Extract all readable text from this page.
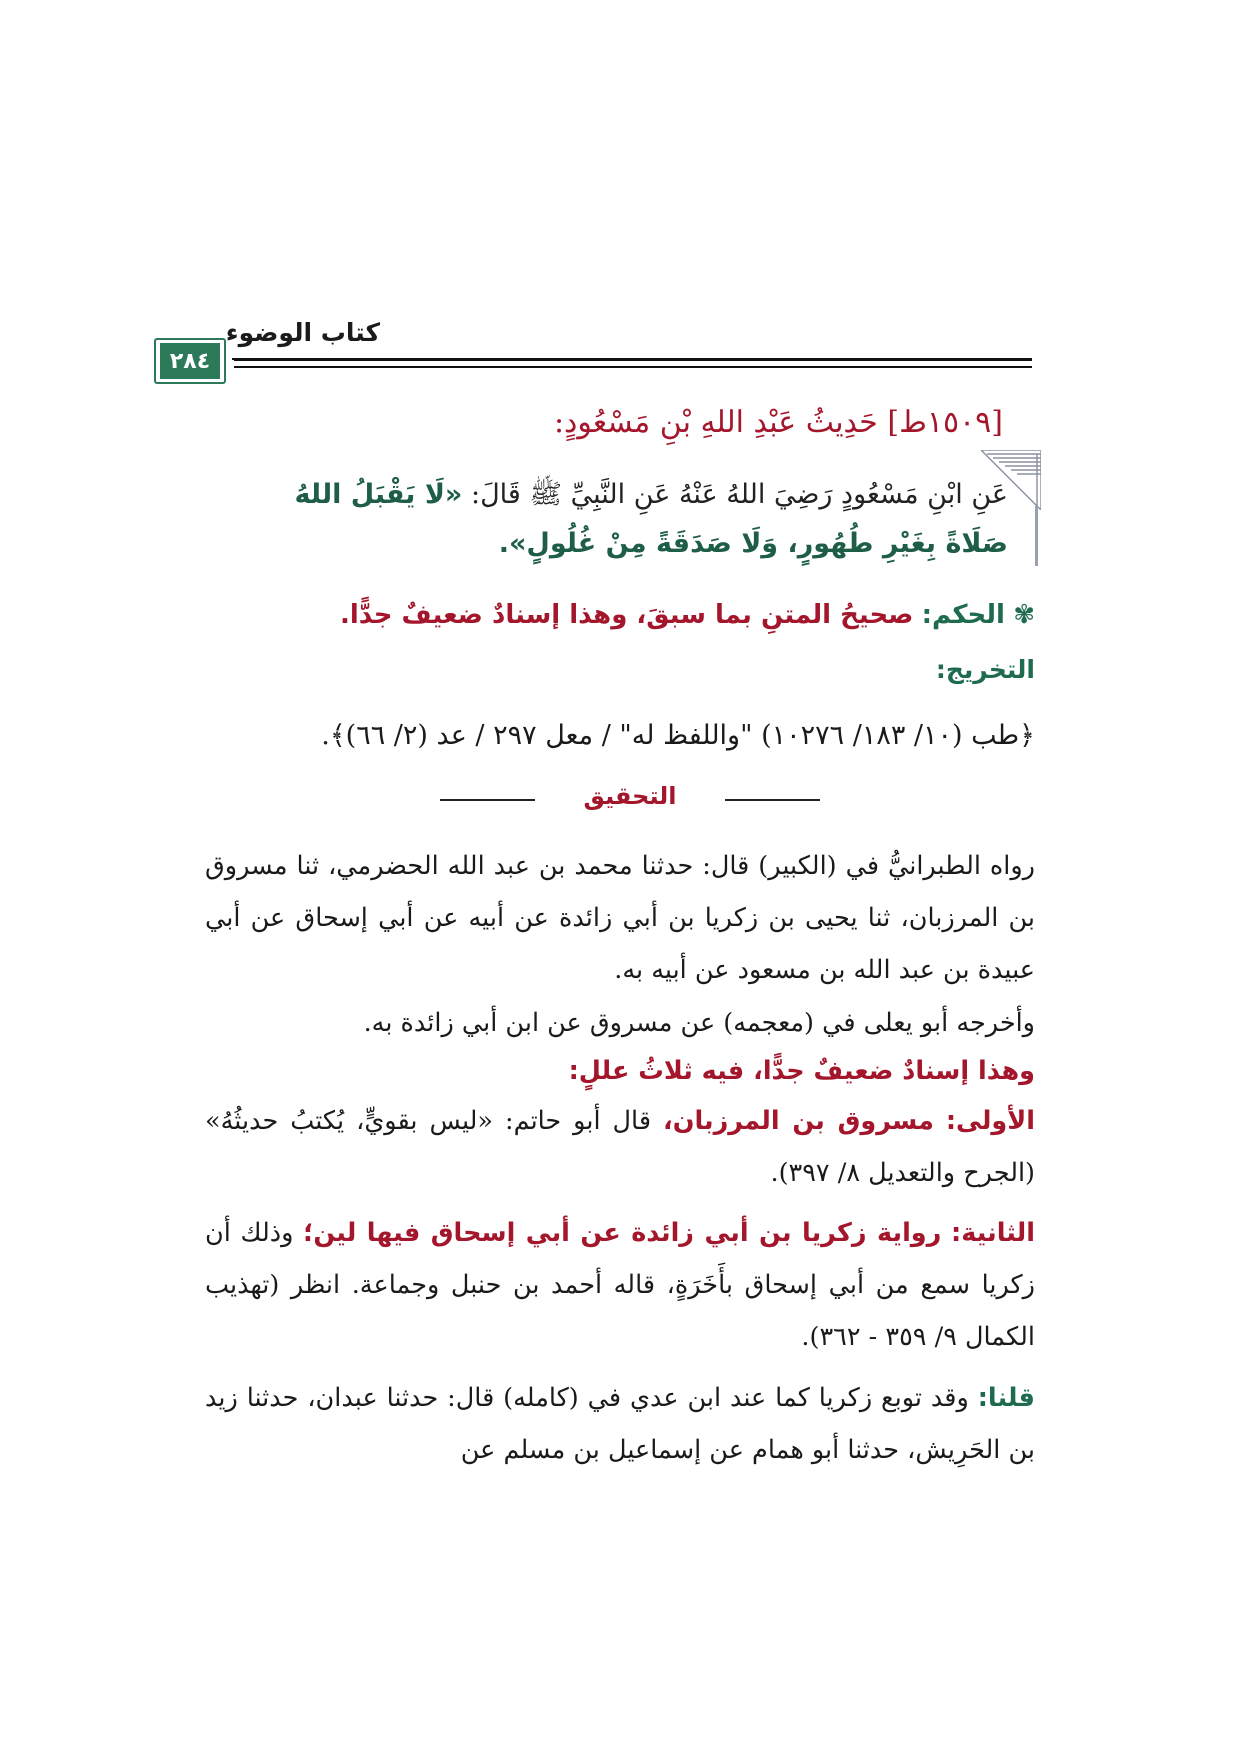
كتاب الوضوء
٢٨٤
[١٥٠٩ط] حَدِيثُ عَبْدِ اللهِ بْنِ مَسْعُودٍ:
عَنِ ابْنِ مَسْعُودٍ رَضِيَ اللهُ عَنْهُ عَنِ النَّبِيِّ ﷺ قَالَ: «لَا يَقْبَلُ اللهُ صَلَاةً بِغَيْرِ طُهُورٍ، وَلَا صَدَقَةً مِنْ غُلُولٍ».
✾ الحكم: صحيحُ المتنِ بما سبقَ، وهذا إسنادٌ ضعيفٌ جدًّا.
التخريج:
﴿طب (١٠/ ١٨٣/ ١٠٢٧٦) "واللفظ له" / معل ٢٩٧ / عد (٢/ ٦٦)﴾.
التحقيق
رواه الطبرانيُّ في (الكبير) قال: حدثنا محمد بن عبد الله الحضرمي، ثنا مسروق بن المرزبان، ثنا يحيى بن زكريا بن أبي زائدة عن أبيه عن أبي إسحاق عن أبي عبيدة بن عبد الله بن مسعود عن أبيه به.
وأخرجه أبو يعلى في (معجمه) عن مسروق عن ابن أبي زائدة به.
وهذا إسنادٌ ضعيفٌ جدًّا، فيه ثلاثُ عللٍ:
الأولى: مسروق بن المرزبان، قال أبو حاتم: «ليس بقويٍّ، يُكتبُ حديثُهُ» (الجرح والتعديل ٨/ ٣٩٧).
الثانية: رواية زكريا بن أبي زائدة عن أبي إسحاق فيها لين؛ وذلك أن زكريا سمع من أبي إسحاق بأَخَرَةٍ، قاله أحمد بن حنبل وجماعة. انظر (تهذيب الكمال ٩/ ٣٥٩ - ٣٦٢).
قلنا: وقد توبع زكريا كما عند ابن عدي في (كامله) قال: حدثنا عبدان، حدثنا زيد بن الحَرِيش، حدثنا أبو همام عن إسماعيل بن مسلم عن
